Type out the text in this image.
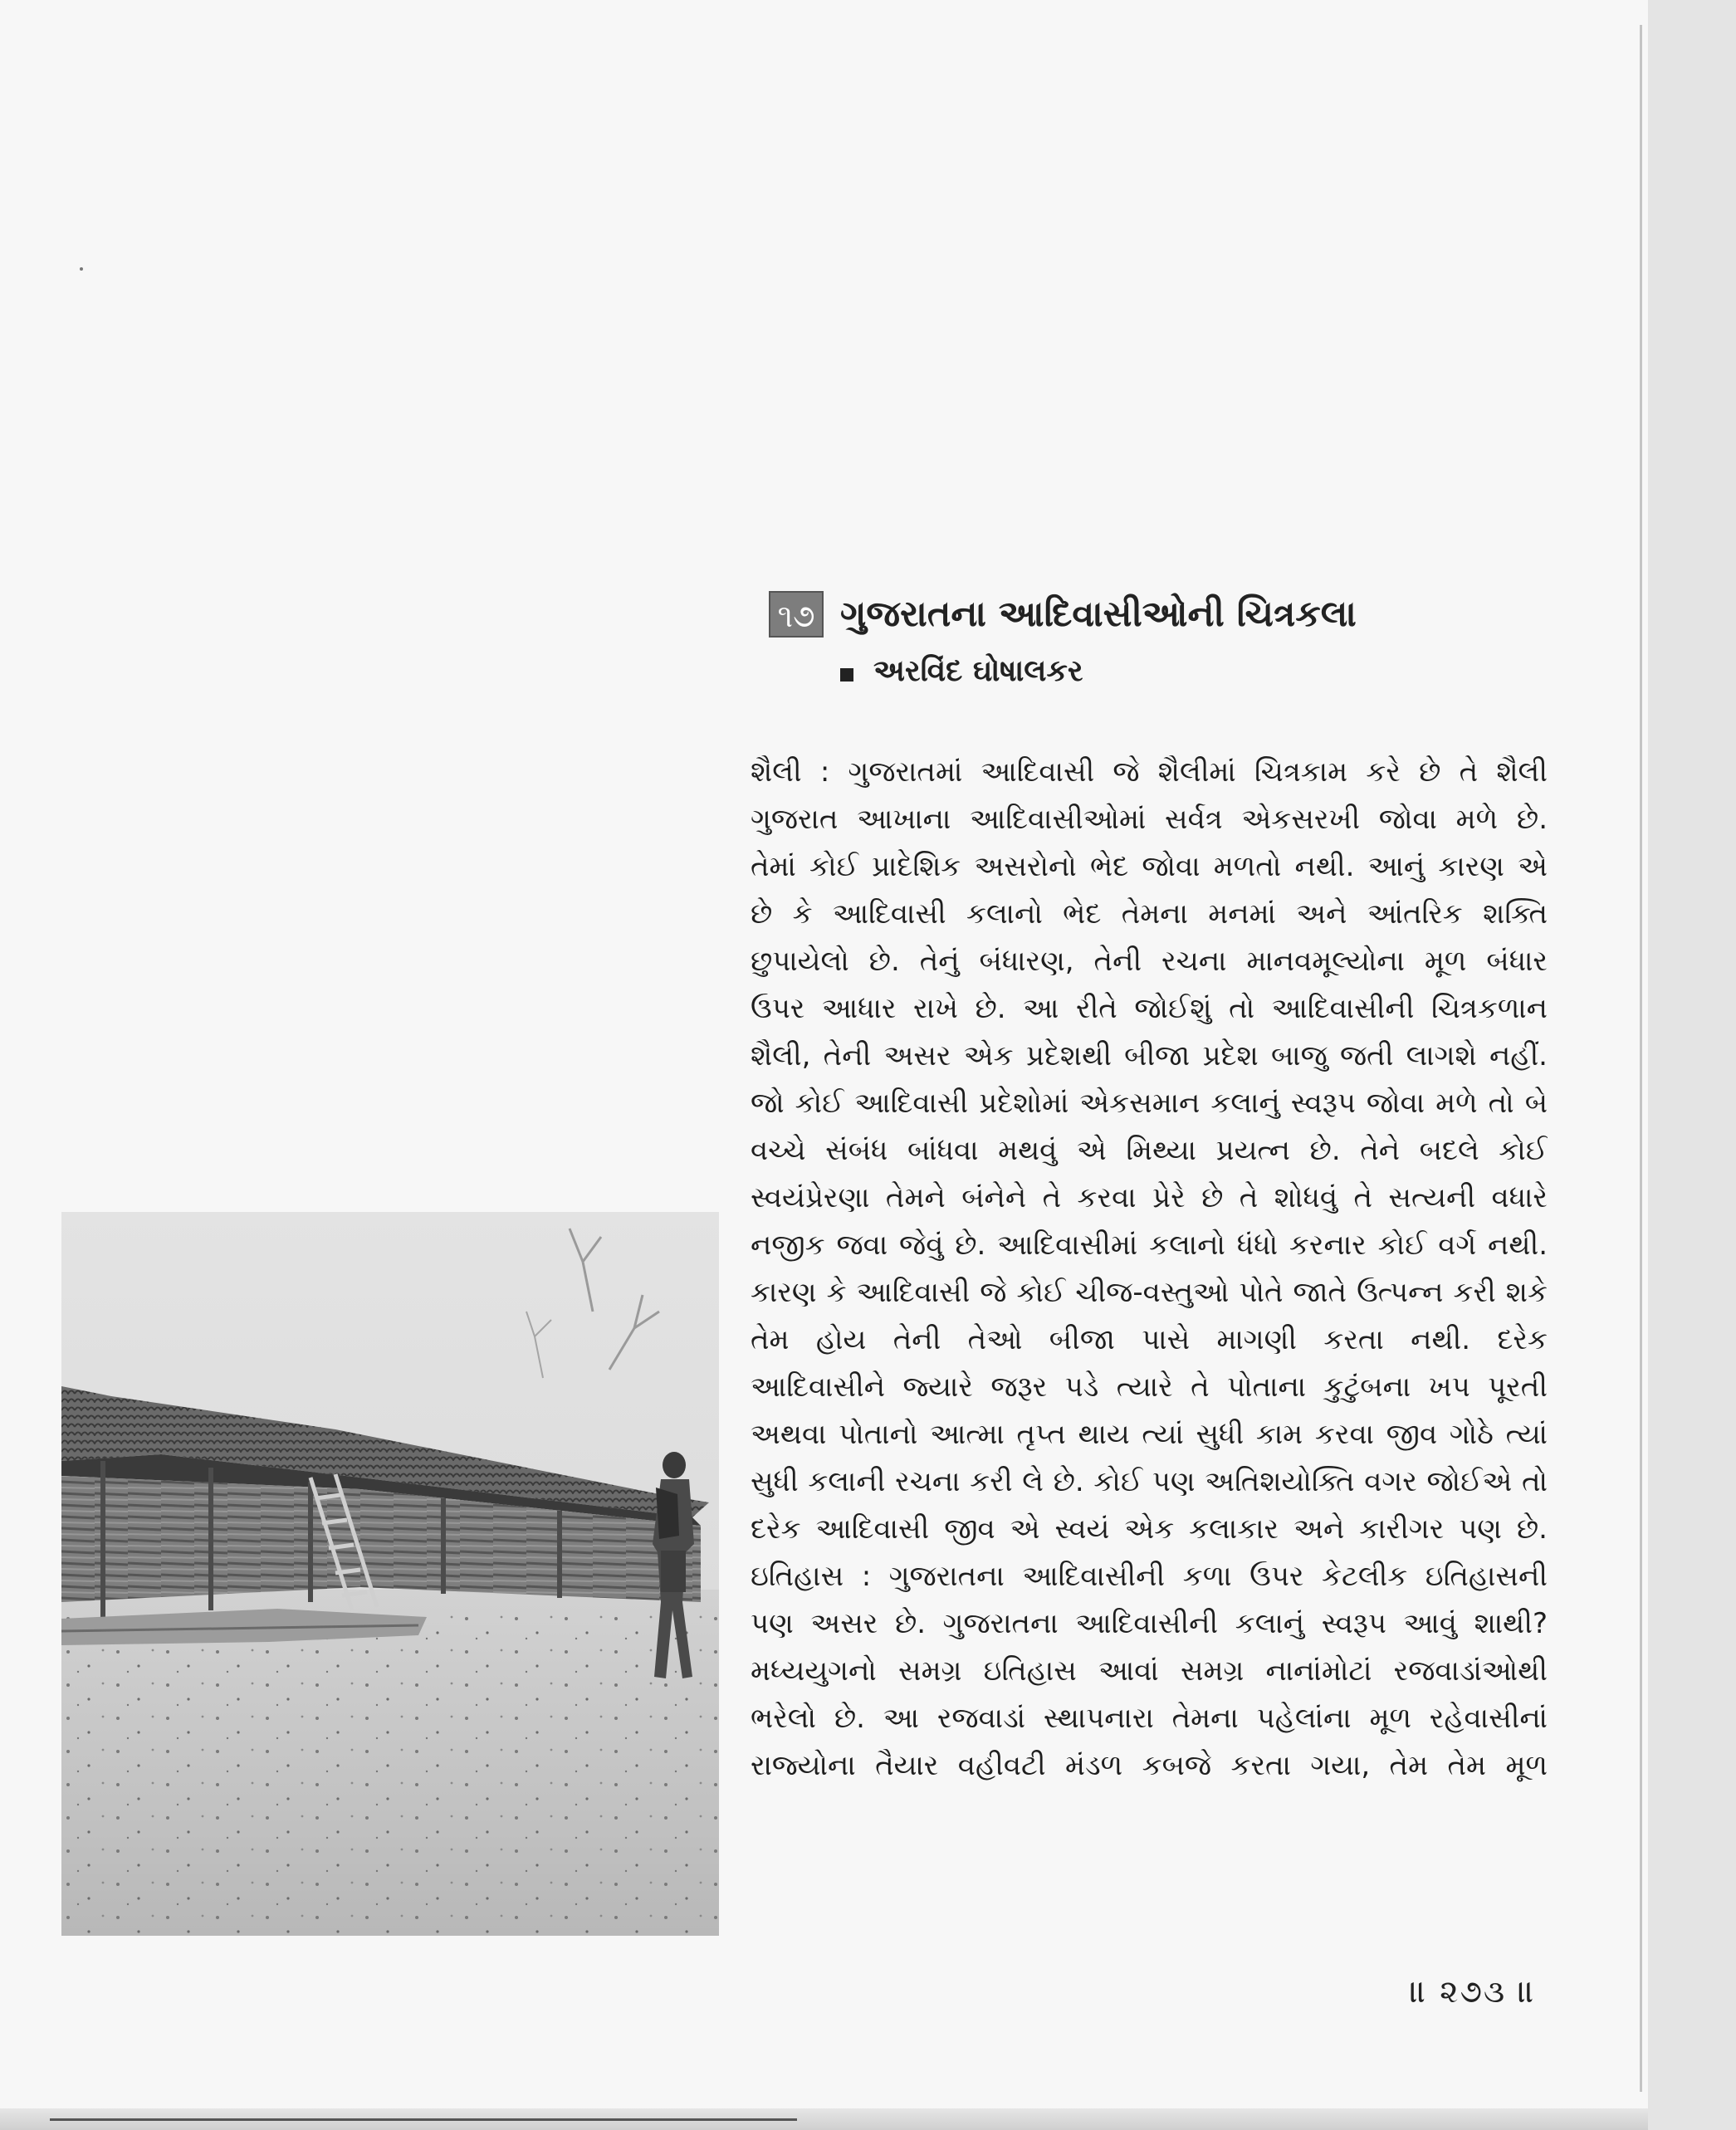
૧૭ ગુજરાતના આદિવાસીઓની ચિત્રકલા
અરવિંદ ઘોષાલકર
શૈલી : ગુજરાતમાં આદિવાસી જે શૈલીમાં ચિત્રકામ કરે છે તે શૈલી
ગુજરાત આખાના આદિવાસીઓમાં સર્વત્ર એકસરખી જોવા મળે છે.
તેમાં કોઈ પ્રાદેશિક અસરોનો ભેદ જોવા મળતો નથી. આનું કારણ એ
છે કે આદિવાસી કલાનો ભેદ તેમના મનમાં અને આંતરિક શક્તિ
છુપાયેલો છે. તેનું બંધારણ, તેની રચના માનવમૂલ્યોના મૂળ બંધાર
ઉપર આધાર રાખે છે. આ રીતે જોઈશું તો આદિવાસીની ચિત્રકળાન
શૈલી, તેની અસર એક પ્રદેશથી બીજા પ્રદેશ બાજુ જતી લાગશે નહીં.
જો કોઈ આદિવાસી પ્રદેશોમાં એકસમાન કલાનું સ્વરૂપ જોવા મળે તો બે
વચ્ચે સંબંધ બાંધવા મથવું એ મિથ્યા પ્રયત્ન છે. તેને બદલે કોઈ
સ્વયંપ્રેરણા તેમને બંનેને તે કરવા પ્રેરે છે તે શોધવું તે સત્યની વધારે
નજીક જવા જેવું છે. આદિવાસીમાં કલાનો ધંધો કરનાર કોઈ વર્ગ નથી.
કારણ કે આદિવાસી જે કોઈ ચીજ-વસ્તુઓ પોતે જાતે ઉત્પન્ન કરી શકે
તેમ હોય તેની તેઓ બીજા પાસે માગણી કરતા નથી. દરેક
આદિવાસીને જ્યારે જરૂર પડે ત્યારે તે પોતાના કુટુંબના ખપ પૂરતી
અથવા પોતાનો આત્મા તૃપ્ત થાય ત્યાં સુધી કામ કરવા જીવ ગોઠે ત્યાં
સુધી કલાની રચના કરી લે છે. કોઈ પણ અતિશયોક્તિ વગર જોઈએ તો
દરેક આદિવાસી જીવ એ સ્વયં એક કલાકાર અને કારીગર પણ છે.
ઇતિહાસ : ગુજરાતના આદિવાસીની કળા ઉપર કેટલીક ઇતિહાસની
પણ અસર છે. ગુજરાતના આદિવાસીની કલાનું સ્વરૂપ આવું શાથી?
મધ્યયુગનો સમગ્ર ઇતિહાસ આવાં સમગ્ર નાનાંમોટાં રજવાડાંઓથી
ભરેલો છે. આ રજવાડાં સ્થાપનારા તેમના પહેલાંના મૂળ રહેવાસીનાં
રાજ્યોના તૈયાર વહીવટી મંડળ કબજે કરતા ગયા, તેમ તેમ મૂળ
॥ ૨૭૩ ॥
